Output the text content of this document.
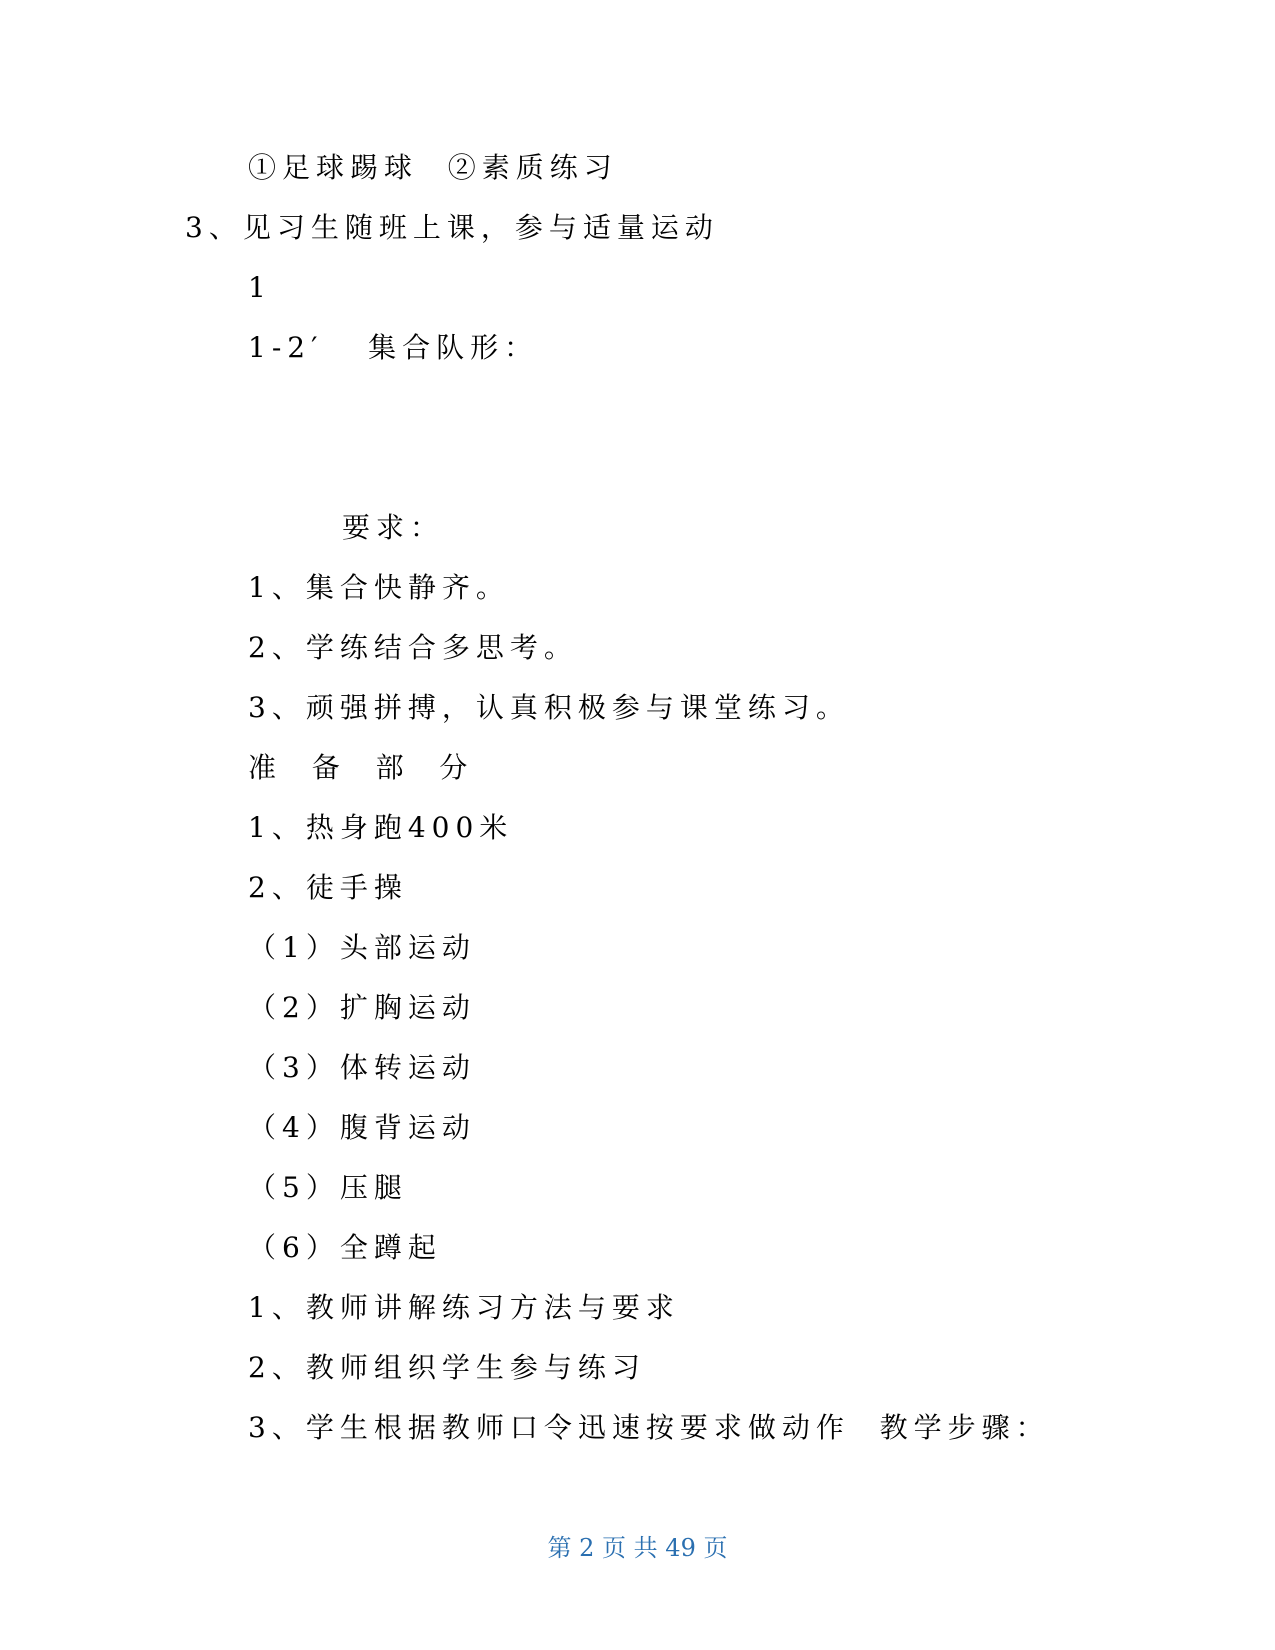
①足球踢球  ②素质练习
3、见习生随班上课，参与适量运动
1
1-2′   集合队形：
要求：
1、集合快静齐。
2、学练结合多思考。
3、顽强拼搏，认真积极参与课堂练习。
准  备  部  分
1、热身跑400米
2、徒手操
（1）头部运动
（2）扩胸运动
（3）体转运动
（4）腹背运动
（5）压腿
（6）全蹲起
1、教师讲解练习方法与要求
2、教师组织学生参与练习
3、学生根据教师口令迅速按要求做动作  教学步骤：
第 2 页 共 49 页
